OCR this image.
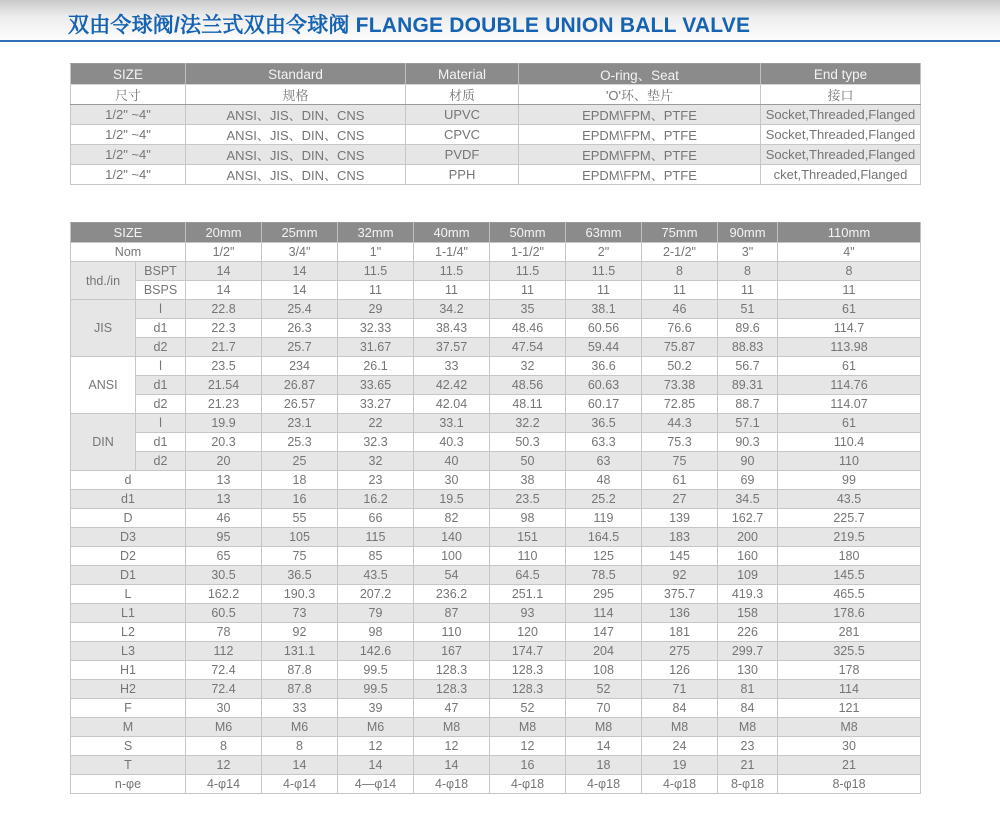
双由令球阀/法兰式双由令球阀 FLANGE DOUBLE UNION BALL VALVE
SIZE	Standard	Material	O-ring、Seat	End type
尺寸	规格	材质	'O'环、垫片	接口
1/2" ~4"	ANSI、JIS、DIN、CNS	UPVC	EPDM\FPM、PTFE	Socket,Threaded,Flanged
1/2" ~4"	ANSI、JIS、DIN、CNS	CPVC	EPDM\FPM、PTFE	Socket,Threaded,Flanged
1/2" ~4"	ANSI、JIS、DIN、CNS	PVDF	EPDM\FPM、PTFE	Socket,Threaded,Flanged
1/2" ~4"	ANSI、JIS、DIN、CNS	PPH	EPDM\FPM、PTFE	cket,Threaded,Flanged
SIZE		20mm	25mm	32mm	40mm	50mm	63mm	75mm	90mm	110mm
Nom		1/2"	3/4"	1"	1-1/4"	1-1/2"	2"	2-1/2"	3"	4"
thd./in	BSPT	14	14	11.5	11.5	11.5	11.5	8	8	8
	BSPS	14	14	11	11	11	11	11	11	11
JIS	l	22.8	25.4	29	34.2	35	38.1	46	51	61
	d1	22.3	26.3	32.33	38.43	48.46	60.56	76.6	89.6	114.7
	d2	21.7	25.7	31.67	37.57	47.54	59.44	75.87	88.83	113.98
ANSI	l	23.5	234	26.1	33	32	36.6	50.2	56.7	61
	d1	21.54	26.87	33.65	42.42	48.56	60.63	73.38	89.31	114.76
	d2	21.23	26.57	33.27	42.04	48.11	60.17	72.85	88.7	114.07
DIN	l	19.9	23.1	22	33.1	32.2	36.5	44.3	57.1	61
	d1	20.3	25.3	32.3	40.3	50.3	63.3	75.3	90.3	110.4
	d2	20	25	32	40	50	63	75	90	110
d		13	18	23	30	38	48	61	69	99
d1		13	16	16.2	19.5	23.5	25.2	27	34.5	43.5
D		46	55	66	82	98	119	139	162.7	225.7
D3		95	105	115	140	151	164.5	183	200	219.5
D2		65	75	85	100	110	125	145	160	180
D1		30.5	36.5	43.5	54	64.5	78.5	92	109	145.5
L		162.2	190.3	207.2	236.2	251.1	295	375.7	419.3	465.5
L1		60.5	73	79	87	93	114	136	158	178.6
L2		78	92	98	110	120	147	181	226	281
L3		112	131.1	142.6	167	174.7	204	275	299.7	325.5
H1		72.4	87.8	99.5	128.3	128.3	108	126	130	178
H2		72.4	87.8	99.5	128.3	128.3	52	71	81	114
F		30	33	39	47	52	70	84	84	121
M		M6	M6	M6	M8	M8	M8	M8	M8	M8
S		8	8	12	12	12	14	24	23	30
T		12	14	14	14	16	18	19	21	21
n-φe		4-φ14	4-φ14	4—φ14	4-φ18	4-φ18	4-φ18	4-φ18	8-φ18	8-φ18
